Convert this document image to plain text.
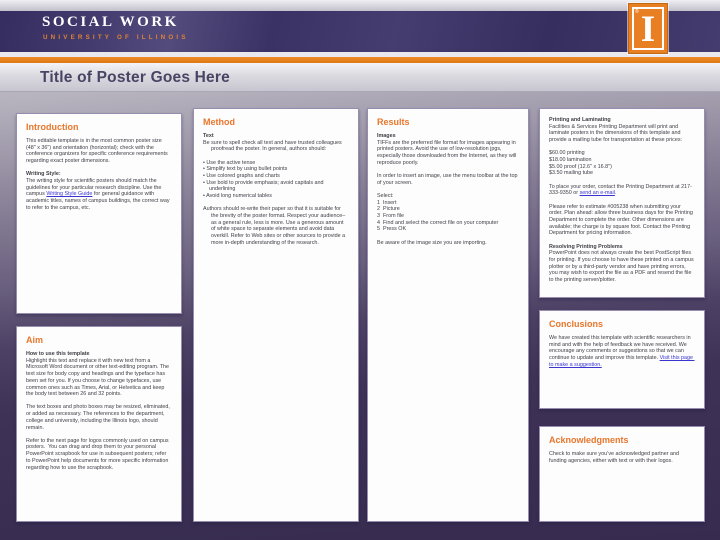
SOCIAL WORK
UNIVERSITY OF ILLINOIS
Title of Poster Goes Here
I
®
Introduction

This editable template is in the most common poster size (48" x 36") and orientation (horizontal); check with the conference organizers for specific conference requirements regarding exact poster dimensions.

Writing Style:

The writing style for scientific posters should match the guidelines for your particular research discipline. Use the campus Writing Style Guide for general guidance with academic titles, names of campus buildings, the correct way to refer to the campus, etc.

Aim

How to use this template

Highlight this text and replace it with new text from a Microsoft Word document or other text-editing program. The text size for body copy and headings and the typeface has been set for you. If you choose to change typefaces, use common ones such as Times, Arial, or Helvetica and keep the body text between 26 and 32 points.

The text boxes and photo boxes may be resized, eliminated, or added as necessary. The references to the department, college and university, including the Illinois logo, should remain.

Refer to the next page for logos commonly used on campus posters.  You can drag and drop them to your personal PowerPoint scrapbook for use in subsequent posters; refer to PowerPoint help documents for more specific information regarding how to use the scrapbook.

Method

Text

Be sure to spell check all text and have trusted colleagues proofread the poster. In general, authors should:

• Use the active tense
• Simplify text by using bullet points
• Use colored graphs and charts
• Use bold to provide emphasis; avoid capitals and underlining
• Avoid long numerical tables

Authors should re-write their paper so that it is suitable for the brevity of the poster format. Respect your audience–as a general rule, less is more. Use a generous amount of white space to separate elements and avoid data overkill. Refer to Web sites or other sources to provide a more in-depth understanding of the research.

Results

Images

TIFFs are the preferred file format for images appearing in printed posters. Avoid the use of low-resolution jpgs, especially those downloaded from the Internet, as they will reproduce poorly.

In order to insert an image, use the menu toolbar at the top of your screen.

Select:
1  Insert
2  Picture
3  From file
4  Find and select the correct file on your computer
5  Press OK

Be aware of the image size you are importing.

Printing and Laminating

Facilities & Services Printing Department will print and laminate posters in the dimensions of this template and provide a mailing tube for transportation at these prices:

$60.00 printing
$18.00 lamination
$5.00 proof (12.6" x 16.8")
$3.50 mailing tube

To place your order, contact the Printing Department at 217-333-9350 or send an e-mail.

Please refer to estimate #005238 when submitting your order. Plan ahead: allow three business days for the Printing Department to complete the order. Other dimensions are available; the charge is by square foot. Contact the Printing Department for pricing information.

Resolving Printing Problems

PowerPoint does not always create the best PostScript files for printing. If you choose to have these printed on a campus plotter or by a third-party vendor and have printing errors, you may wish to export the file as a PDF and resend the file to the printing server/plotter.

Conclusions

We have created this template with scientific researchers in mind and with the help of feedback we have received. We encourage any comments or suggestions so that we can continue to update and improve this template. Visit this page to make a suggestion.

Acknowledgments

Check to make sure you’ve acknowledged partner and funding agencies, either with text or with their logos.
